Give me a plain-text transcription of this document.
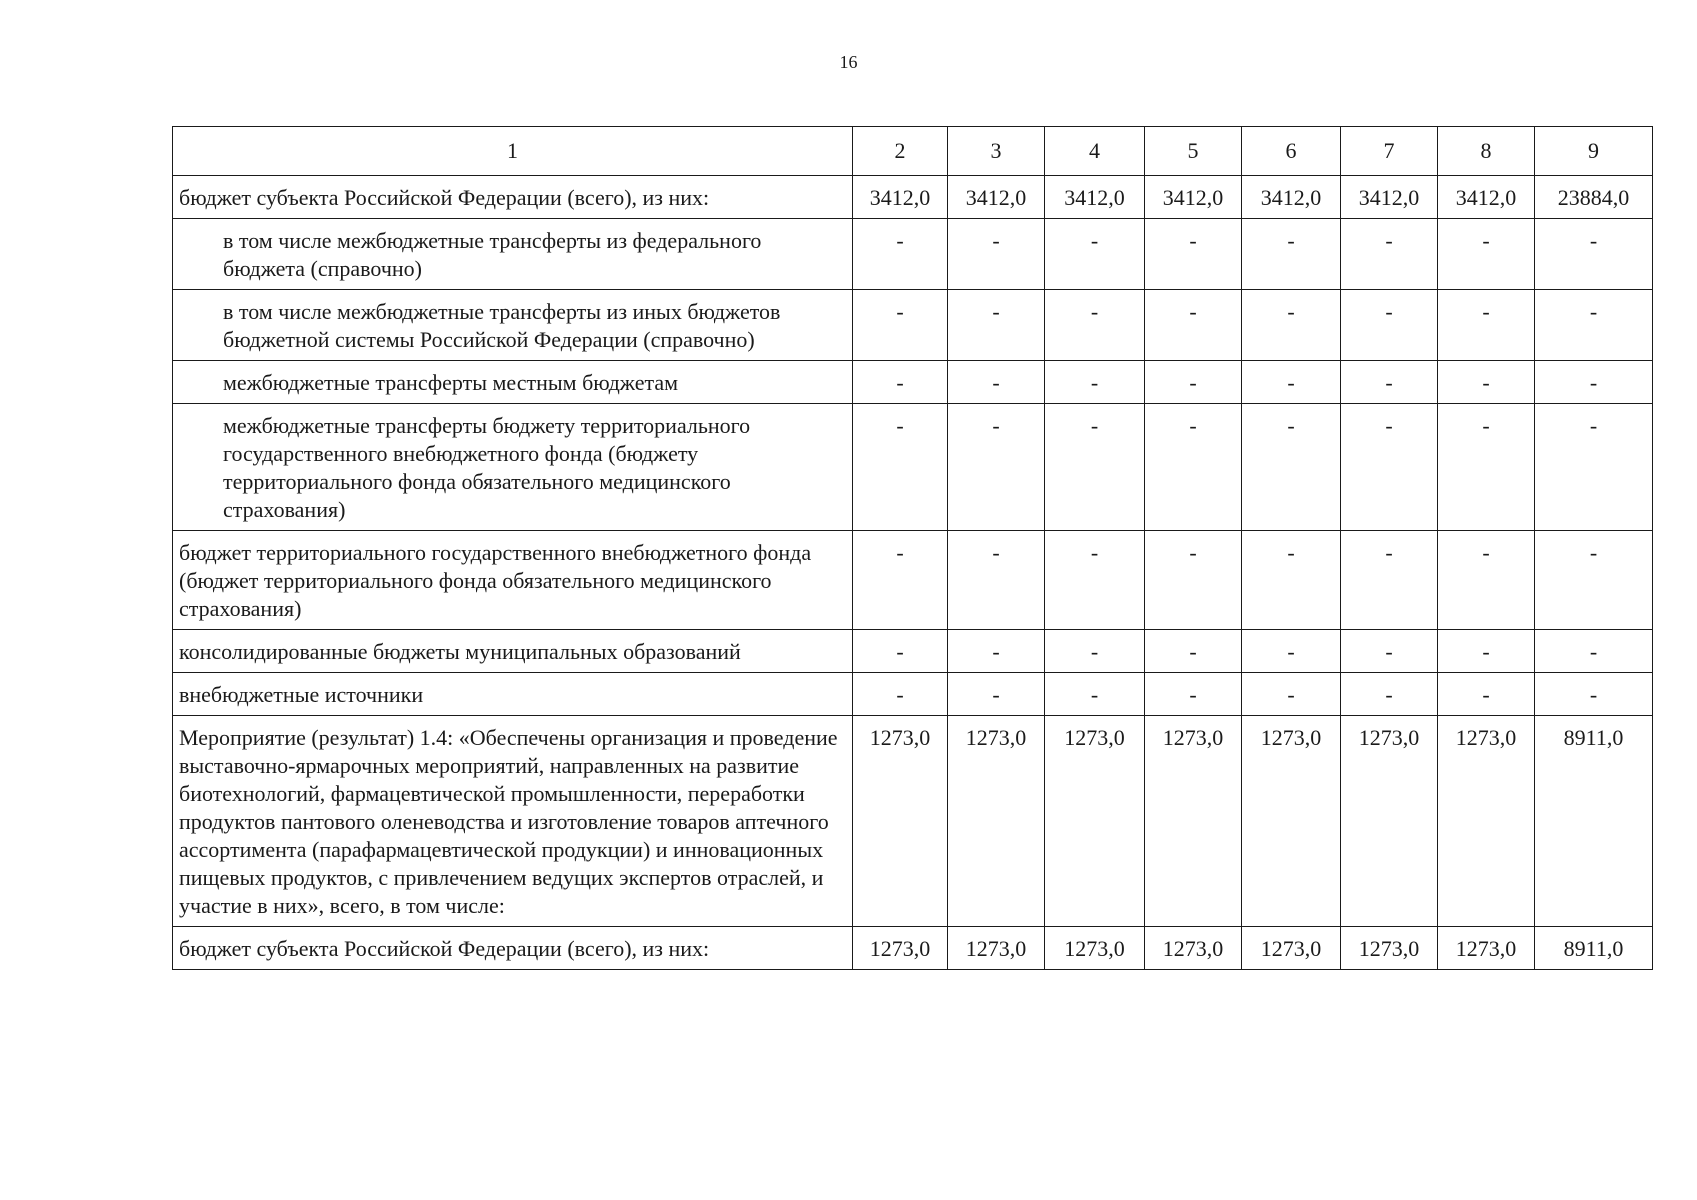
16
1	2	3	4	5	6	7	8	9
бюджет субъекта Российской Федерации (всего), из них:	3412,0	3412,0	3412,0	3412,0	3412,0	3412,0	3412,0	23884,0
в том числе межбюджетные трансферты из федерального бюджета (справочно)	-	-	-	-	-	-	-	-
в том числе межбюджетные трансферты из иных бюджетов бюджетной системы Российской Федерации (справочно)	-	-	-	-	-	-	-	-
межбюджетные трансферты местным бюджетам	-	-	-	-	-	-	-	-
межбюджетные трансферты бюджету территориального государственного внебюджетного фонда (бюджету территориального фонда обязательного медицинского страхования)	-	-	-	-	-	-	-	-
бюджет территориального государственного внебюджетного фонда (бюджет территориального фонда обязательного медицинского страхования)	-	-	-	-	-	-	-	-
консолидированные бюджеты муниципальных образований	-	-	-	-	-	-	-	-
внебюджетные источники	-	-	-	-	-	-	-	-
Мероприятие (результат) 1.4: «Обеспечены организация и проведение выставочно-ярмарочных мероприятий, направленных на развитие биотехнологий, фармацевтической промышленности, переработки продуктов пантового оленеводства и изготовление товаров аптечного ассортимента (парафармацевтической продукции) и инновационных пищевых продуктов, с привлечением ведущих экспертов отраслей, и участие в них», всего, в том числе:	1273,0	1273,0	1273,0	1273,0	1273,0	1273,0	1273,0	8911,0
бюджет субъекта Российской Федерации (всего), из них:	1273,0	1273,0	1273,0	1273,0	1273,0	1273,0	1273,0	8911,0
